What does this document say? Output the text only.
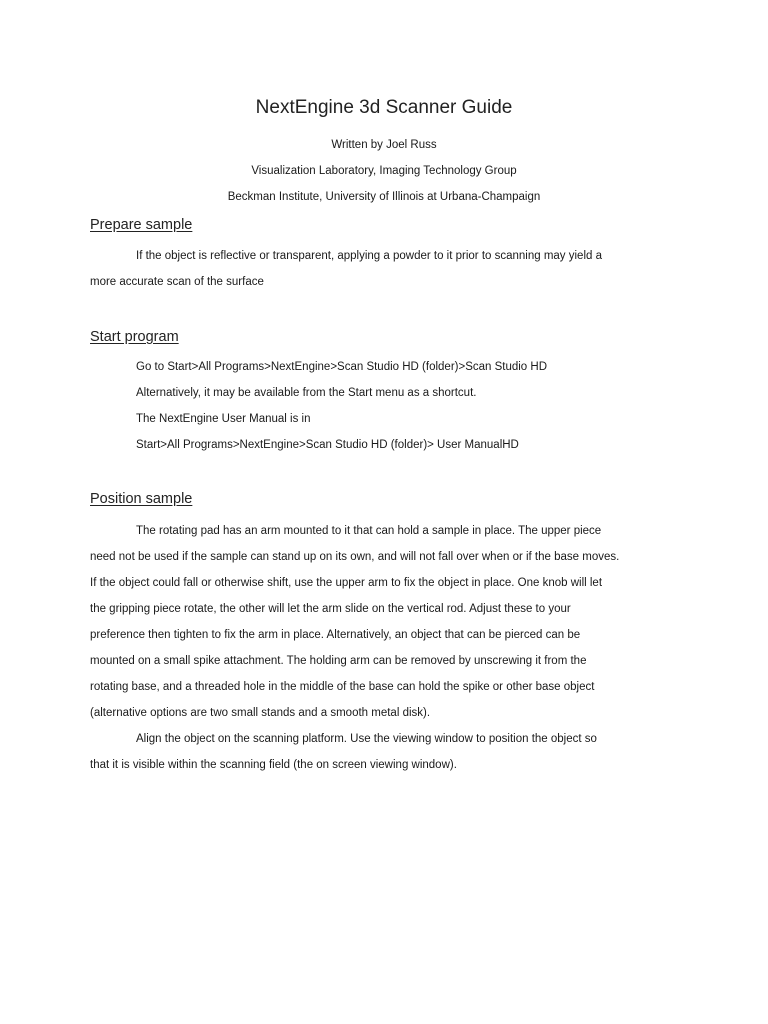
NextEngine 3d Scanner Guide
Written by Joel Russ
Visualization Laboratory, Imaging Technology Group
Beckman Institute, University of Illinois at Urbana-Champaign
Prepare sample
If the object is reflective or transparent, applying a powder to it prior to scanning may yield a
more accurate scan of the surface
Start program
Go to Start>All Programs>NextEngine>Scan Studio HD (folder)>Scan Studio HD
Alternatively, it may be available from the Start menu as a shortcut.
The NextEngine User Manual is in
Start>All Programs>NextEngine>Scan Studio HD (folder)> User ManualHD
Position sample
The rotating pad has an arm mounted to it that can hold a sample in place. The upper piece
need not be used if the sample can stand up on its own, and will not fall over when or if the base moves.
If the object could fall or otherwise shift, use the upper arm to fix the object in place. One knob will let
the gripping piece rotate, the other will let the arm slide on the vertical rod. Adjust these to your
preference then tighten to fix the arm in place. Alternatively, an object that can be pierced can be
mounted on a small spike attachment. The holding arm can be removed by unscrewing it from the
rotating base, and a threaded hole in the middle of the base can hold the spike or other base object
(alternative options are two small stands and a smooth metal disk).
Align the object on the scanning platform. Use the viewing window to position the object so
that it is visible within the scanning field (the on screen viewing window).
